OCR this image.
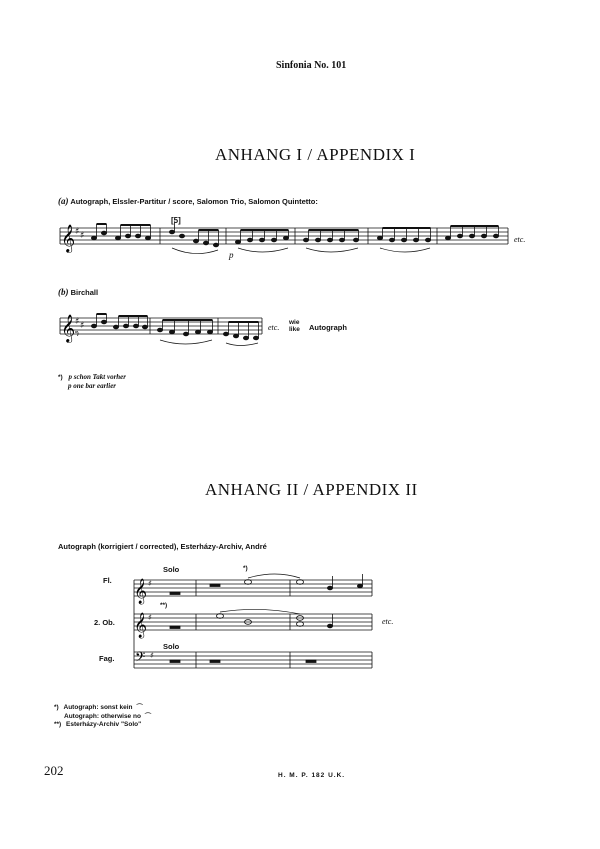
Sinfonia No. 101
ANHANG I / APPENDIX I
(a) Autograph, Elssler-Partitur / score, Salomon Trio, Salomon Quintetto:
𝄞 ♯ ♯
𝄞 ♯ ♯
𝄞
𝄞
𝄢
♯
♯
♯
[5]
p
etc.
(b) Birchall
*)
etc.
wie
like Autograph
*) p schon Takt vorher
p one bar earlier
ANHANG II / APPENDIX II
Autograph (korrigiert / corrected), Esterházy-Archiv, André
Fl.
2. Ob.
Fag.
Solo
Solo
*)
**)
etc.
*) Autograph: sonst kein ⌒
Autograph: otherwise no ⌒
**) Esterházy-Archiv "Solo"
202	H. M. P. 182 U.K.
